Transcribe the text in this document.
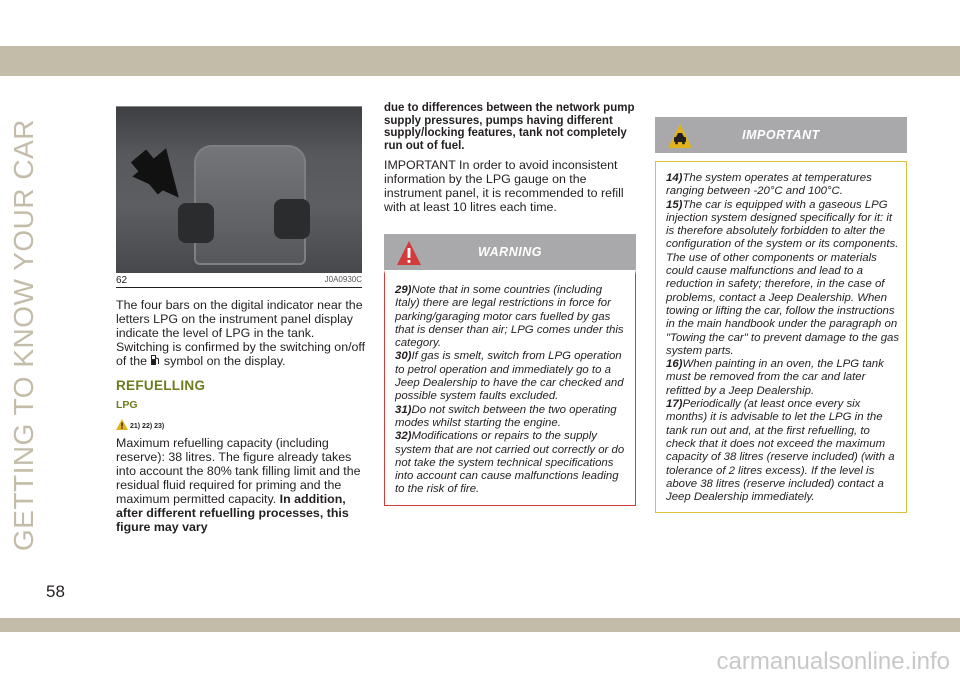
GETTING TO KNOW YOUR CAR	62	J0A0930C

The four bars on the digital indicator near the letters LPG on the instrument panel display indicate the level of LPG in the tank. Switching is confirmed by the switching on/off of the symbol on the display.

REFUELLING
LPG
21) 22) 23)

Maximum refuelling capacity (including reserve): 38 litres. The figure already takes into account the 80% tank filling limit and the residual fluid required for priming and the maximum permitted capacity. In addition, after different refuelling processes, this figure may vary

due to differences between the network pump supply pressures, pumps having different supply/locking features, tank not completely run out of fuel.

IMPORTANT In order to avoid inconsistent information by the LPG gauge on the instrument panel, it is recommended to refill with at least 10 litres each time.

WARNING

29)Note that in some countries (including Italy) there are legal restrictions in force for parking/garaging motor cars fuelled by gas that is denser than air; LPG comes under this category.

30)If gas is smelt, switch from LPG operation to petrol operation and immediately go to a Jeep Dealership to have the car checked and possible system faults excluded.

31)Do not switch between the two operating modes whilst starting the engine.

32)Modifications or repairs to the supply system that are not carried out correctly or do not take the system technical specifications into account can cause malfunctions leading to the risk of fire.

IMPORTANT

14)The system operates at temperatures ranging between -20°C and 100°C.

15)The car is equipped with a gaseous LPG injection system designed specifically for it: it is therefore absolutely forbidden to alter the configuration of the system or its components. The use of other components or materials could cause malfunctions and lead to a reduction in safety; therefore, in the case of problems, contact a Jeep Dealership. When towing or lifting the car, follow the instructions in the main handbook under the paragraph on "Towing the car" to prevent damage to the gas system parts.

16)When painting in an oven, the LPG tank must be removed from the car and later refitted by a Jeep Dealership.

17)Periodically (at least once every six months) it is advisable to let the LPG in the tank run out and, at the first refuelling, to check that it does not exceed the maximum capacity of 38 litres (reserve included) (with a tolerance of 2 litres excess). If the level is above 38 litres (reserve included) contact a Jeep Dealership immediately.

58
carmanualsonline.info
